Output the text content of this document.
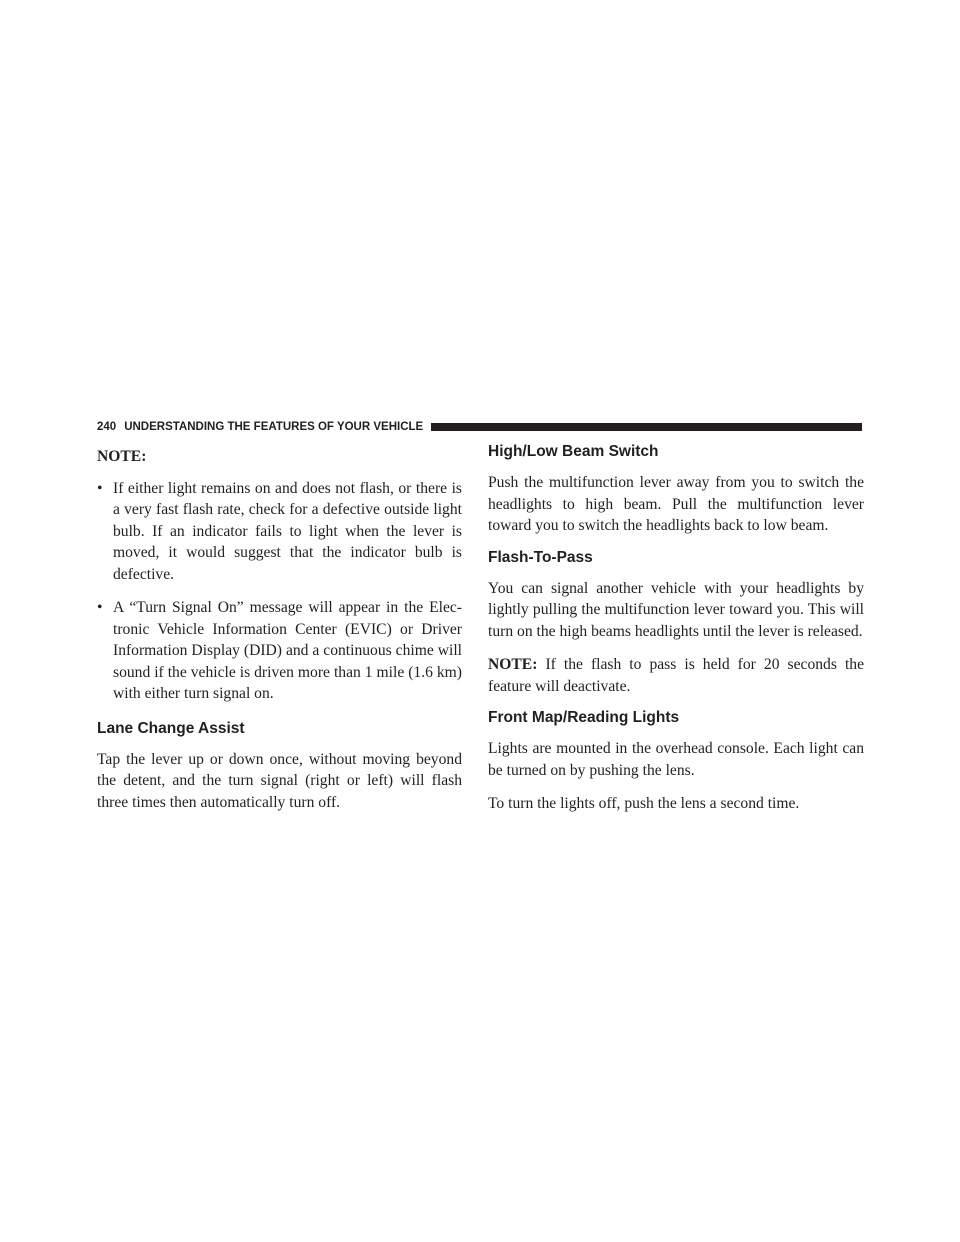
240 UNDERSTANDING THE FEATURES OF YOUR VEHICLE

NOTE:

• If either light remains on and does not flash, or there is a very fast flash rate, check for a defective outside light bulb. If an indicator fails to light when the lever is moved, it would suggest that the indicator bulb is defective.
• A “Turn Signal On” message will appear in the Elec-tronic Vehicle Information Center (EVIC) or Driver Information Display (DID) and a continuous chime will sound if the vehicle is driven more than 1 mile (1.6 km) with either turn signal on.
Lane Change Assist

Tap the lever up or down once, without moving beyond the detent, and the turn signal (right or left) will flash three times then automatically turn off.

High/Low Beam Switch

Push the multifunction lever away from you to switch the headlights to high beam. Pull the multifunction lever toward you to switch the headlights back to low beam.

Flash-To-Pass

You can signal another vehicle with your headlights by lightly pulling the multifunction lever toward you. This will turn on the high beams headlights until the lever is released.

NOTE: If the flash to pass is held for 20 seconds the feature will deactivate.

Front Map/Reading Lights

Lights are mounted in the overhead console. Each light can be turned on by pushing the lens.

To turn the lights off, push the lens a second time.
